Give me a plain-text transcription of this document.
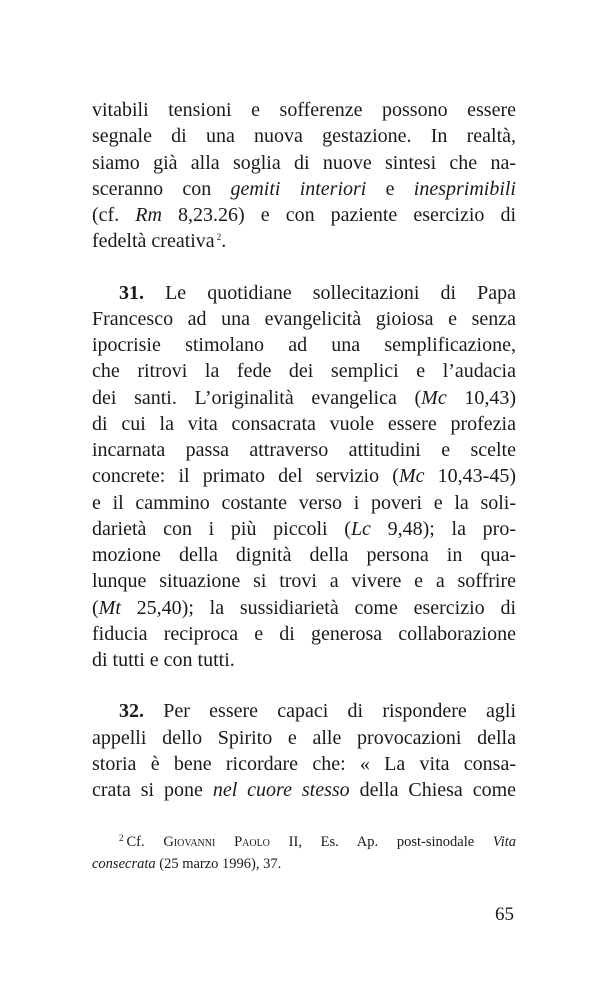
vitabili tensioni e sofferenze possono essere
segnale di una nuova gestazione. In realtà,
siamo già alla soglia di nuove sintesi che na-
sceranno con gemiti interiori e inesprimibili
(cf. Rm 8,23.26) e con paziente esercizio di
fedeltà creativa $^2$.
31. Le quotidiane sollecitazioni di Papa
Francesco ad una evangelicità gioiosa e senza
ipocrisie stimolano ad una semplificazione,
che ritrovi la fede dei semplici e l’audacia
dei santi. L’originalità evangelica (Mc 10,43)
di cui la vita consacrata vuole essere profezia
incarnata passa attraverso attitudini e scelte
concrete: il primato del servizio (Mc 10,43-45)
e il cammino costante verso i poveri e la soli-
darietà con i più piccoli (Lc 9,48); la pro-
mozione della dignità della persona in qua-
lunque situazione si trovi a vivere e a soffrire
(Mt 25,40); la sussidiarietà come esercizio di
fiducia reciproca e di generosa collaborazione
di tutti e con tutti.
32. Per essere capaci di rispondere agli
appelli dello Spirito e alle provocazioni della
storia è bene ricordare che: « La vita consa-
crata si pone nel cuore stesso della Chiesa come
$^2$ Cf. Giovanni Paolo II, Es. Ap. post-sinodale Vita
consecrata (25 marzo 1996), 37.
65
